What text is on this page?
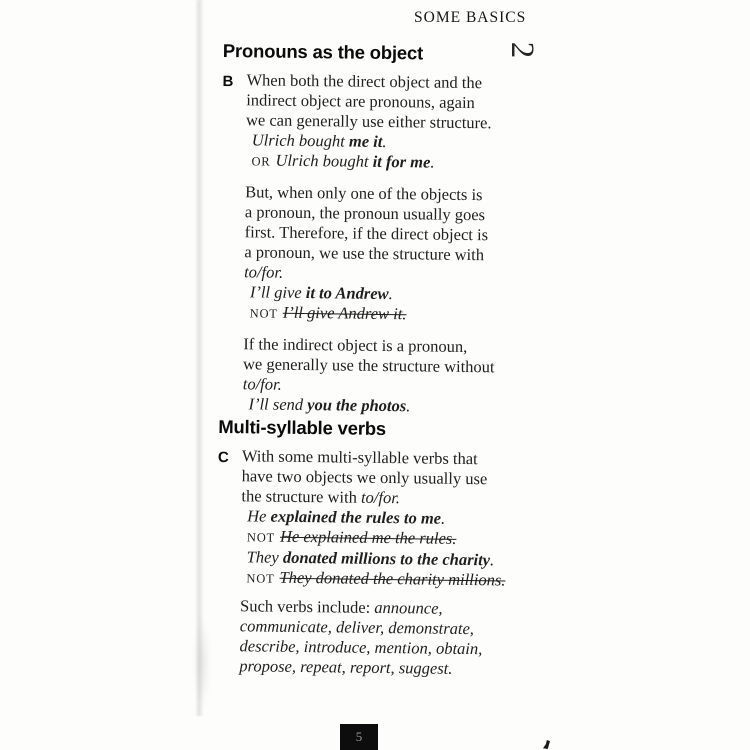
SOME BASICS
2
Pronouns as the object
B When both the direct object and the
indirect object are pronouns, again
we can generally use either structure.
Ulrich bought me it.
OR Ulrich bought it for me.
But, when only one of the objects is
a pronoun, the pronoun usually goes
first. Therefore, if the direct object is
a pronoun, we use the structure with
to/for.
I’ll give it to Andrew.
NOT I’ll give Andrew it.
If the indirect object is a pronoun,
we generally use the structure without
to/for.
I’ll send you the photos.
Multi-syllable verbs
C With some multi-syllable verbs that
have two objects we only usually use
the structure with to/for.
He explained the rules to me.
NOT He explained me the rules.
They donated millions to the charity.
NOT They donated the charity millions.
Such verbs include: announce,
communicate, deliver, demonstrate,
describe, introduce, mention, obtain,
propose, repeat, report, suggest.
5
